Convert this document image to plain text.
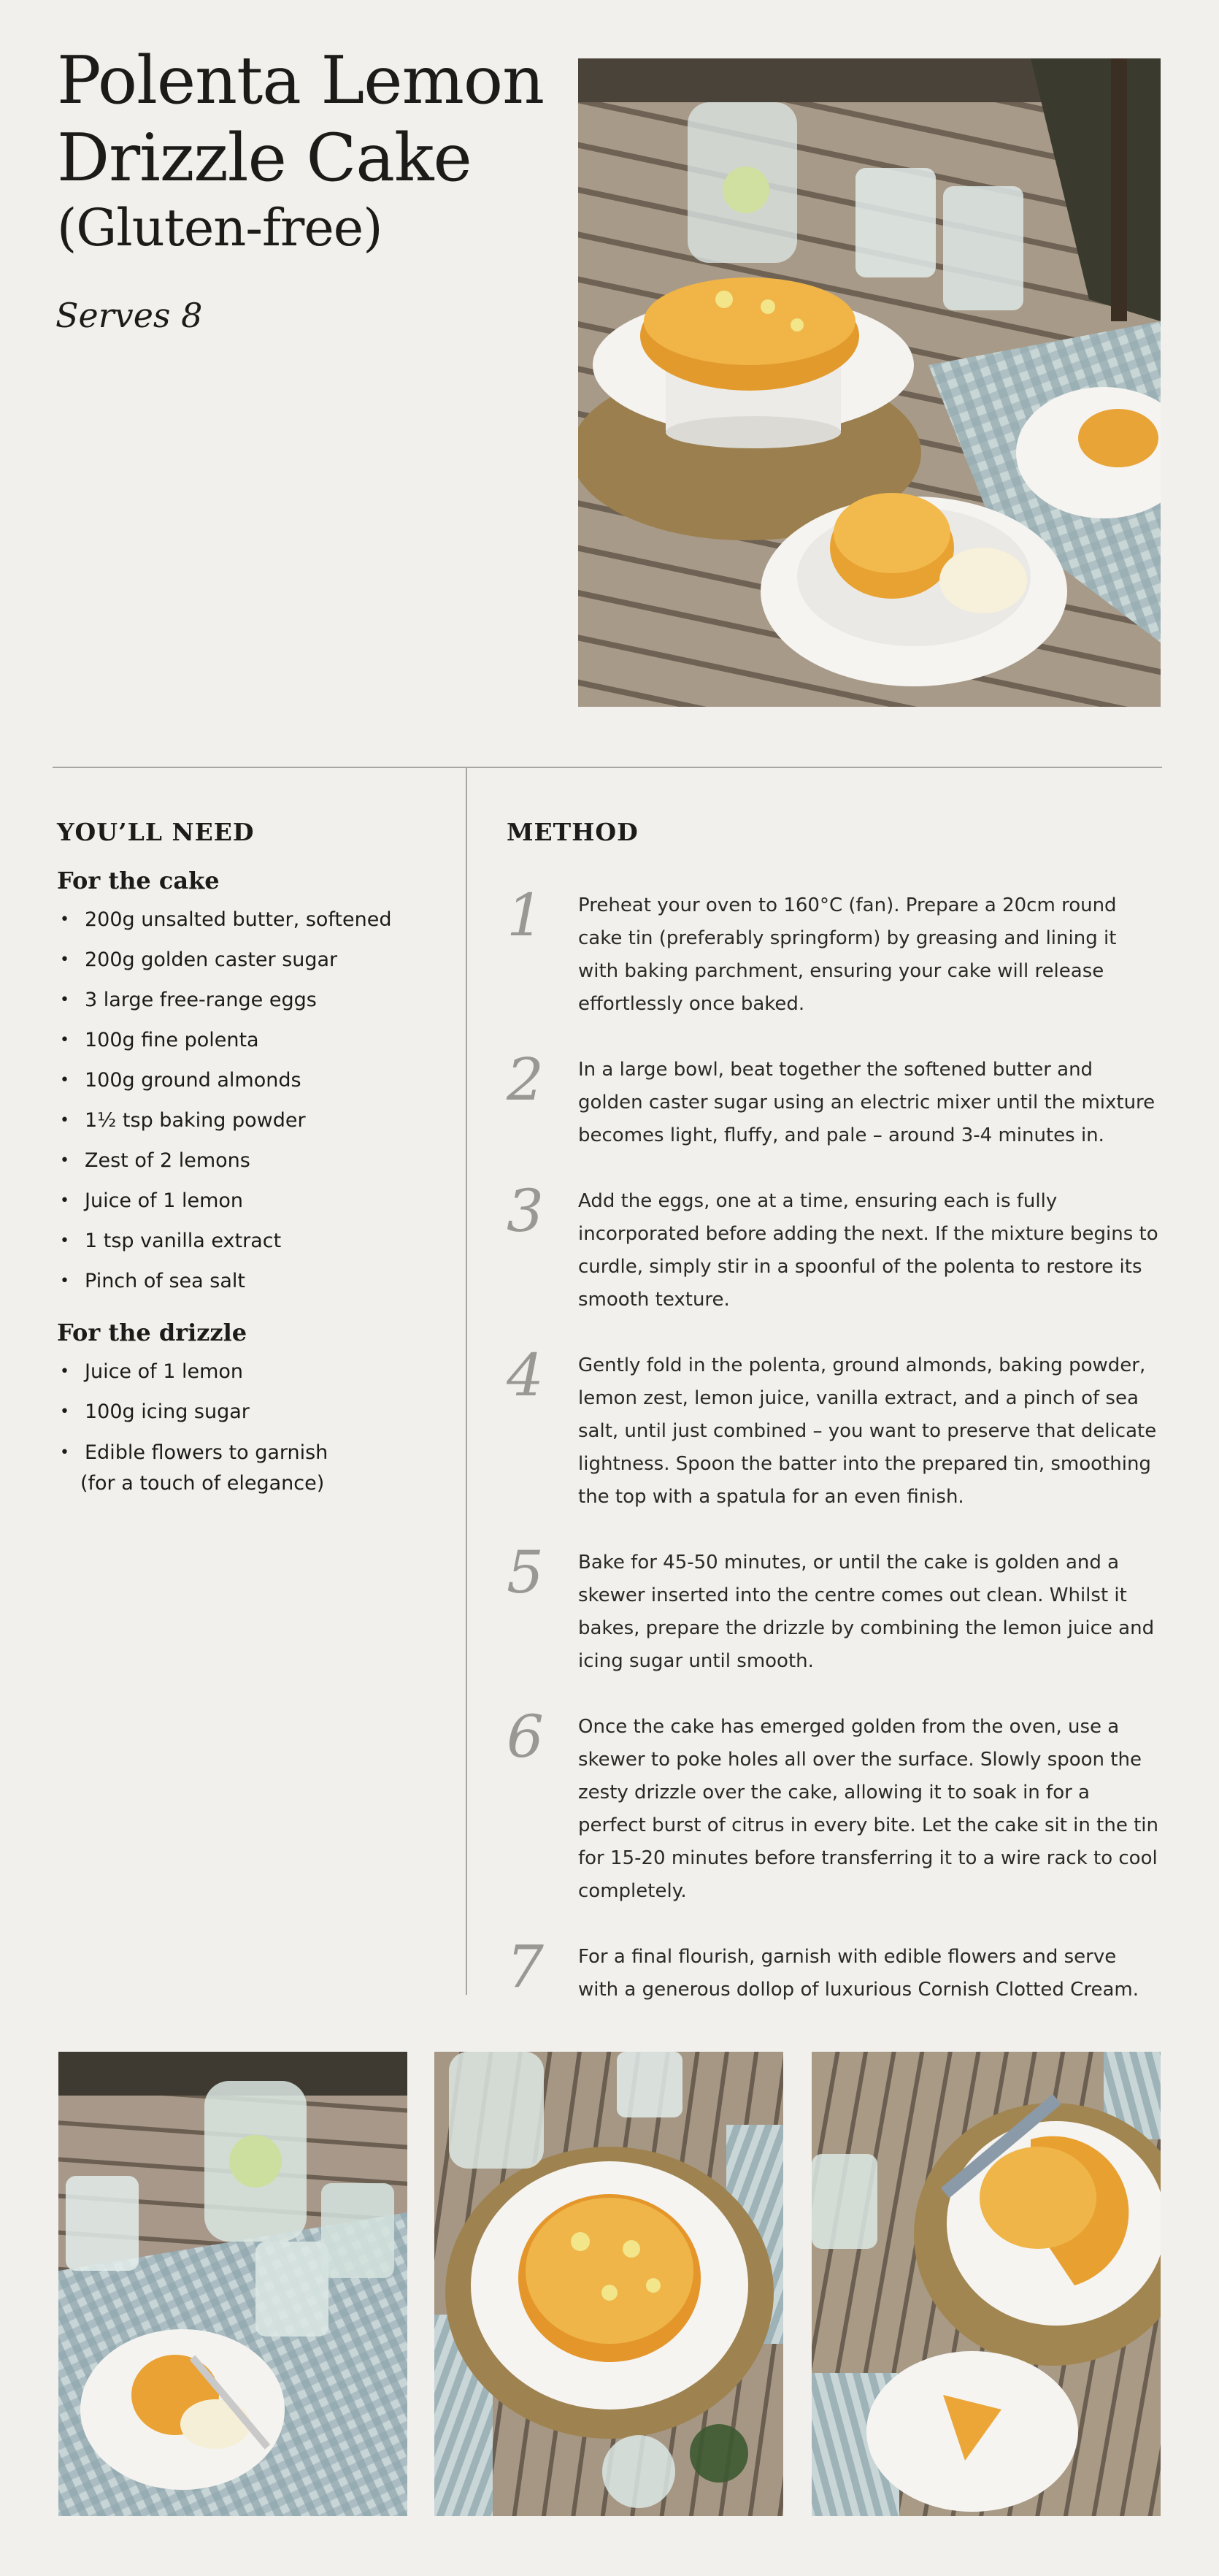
Polenta Lemon
Drizzle Cake

(Gluten-free)

Serves 8

YOU’LL NEED
For the cake
• 200g unsalted butter, softened
• 200g golden caster sugar
• 3 large free-range eggs
• 100g fine polenta
• 100g ground almonds
• 1½ tsp baking powder
• Zest of 2 lemons
• Juice of 1 lemon
• 1 tsp vanilla extract
• Pinch of sea salt
For the drizzle
• Juice of 1 lemon
• 100g icing sugar
• Edible flowers to garnish
(for a touch of elegance)
METHOD
1	Preheat your oven to 160°C (fan). Prepare a 20cm round cake tin (preferably springform) by greasing and lining it with baking parchment, ensuring your cake will release effortlessly once baked.

2	In a large bowl, beat together the softened butter and golden caster sugar using an electric mixer until the mixture becomes light, fluffy, and pale – around 3-4 minutes in.

3	Add the eggs, one at a time, ensuring each is fully incorporated before adding the next. If the mixture begins to curdle, simply stir in a spoonful of the polenta to restore its smooth texture.

4	Gently fold in the polenta, ground almonds, baking powder, lemon zest, lemon juice, vanilla extract, and a pinch of sea salt, until just combined – you want to preserve that delicate lightness. Spoon the batter into the prepared tin, smoothing the top with a spatula for an even finish.

5	Bake for 45-50 minutes, or until the cake is golden and a skewer inserted into the centre comes out clean. Whilst it bakes, prepare the drizzle by combining the lemon juice and icing sugar until smooth.

6	Once the cake has emerged golden from the oven, use a skewer to poke holes all over the surface. Slowly spoon the zesty drizzle over the cake, allowing it to soak in for a perfect burst of citrus in every bite. Let the cake sit in the tin for 15-20 minutes before transferring it to a wire rack to cool completely.

7	For a final flourish, garnish with edible flowers and serve with a generous dollop of luxurious Cornish Clotted Cream.
